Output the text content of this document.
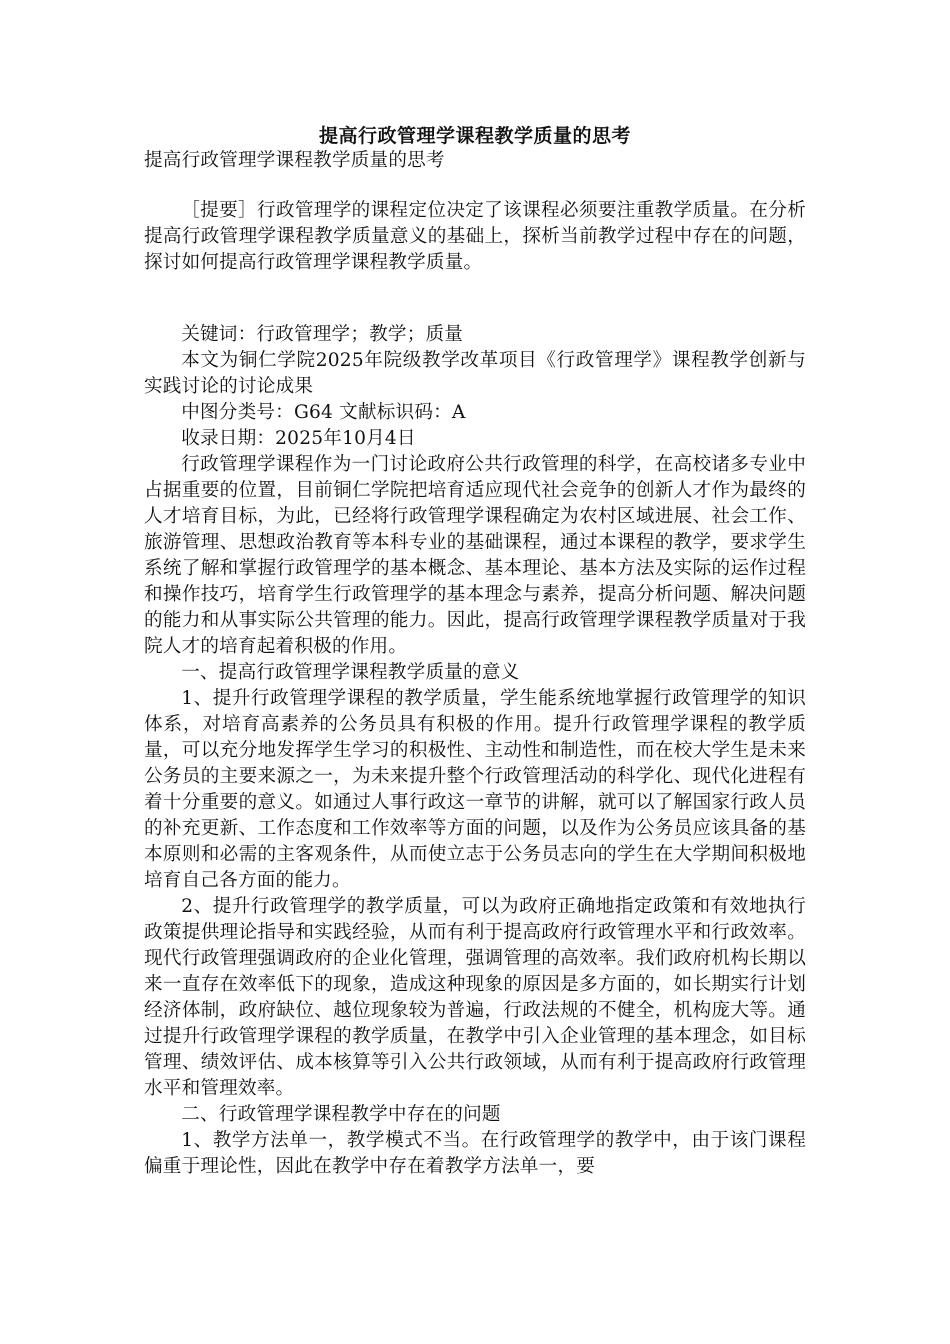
提高行政管理学课程教学质量的思考

提高行政管理学课程教学质量的思考

［提要］行政管理学的课程定位决定了该课程必须要注重教学质量。在分析提高行政管理学课程教学质量意义的基础上，探析当前教学过程中存在的问题，探讨如何提高行政管理学课程教学质量。

关键词：行政管理学；教学；质量

本文为铜仁学院2025年院级教学改革项目《行政管理学》课程教学创新与实践讨论的讨论成果

中图分类号：G64 文献标识码：A

收录日期：2025年10月4日

行政管理学课程作为一门讨论政府公共行政管理的科学，在高校诸多专业中占据重要的位置，目前铜仁学院把培育适应现代社会竞争的创新人才作为最终的人才培育目标，为此，已经将行政管理学课程确定为农村区域进展、社会工作、旅游管理、思想政治教育等本科专业的基础课程，通过本课程的教学，要求学生系统了解和掌握行政管理学的基本概念、基本理论、基本方法及实际的运作过程和操作技巧，培育学生行政管理学的基本理念与素养，提高分析问题、解决问题的能力和从事实际公共管理的能力。因此，提高行政管理学课程教学质量对于我院人才的培育起着积极的作用。

一、提高行政管理学课程教学质量的意义

1、提升行政管理学课程的教学质量，学生能系统地掌握行政管理学的知识体系，对培育高素养的公务员具有积极的作用。提升行政管理学课程的教学质量，可以充分地发挥学生学习的积极性、主动性和制造性，而在校大学生是未来公务员的主要来源之一，为未来提升整个行政管理活动的科学化、现代化进程有着十分重要的意义。如通过人事行政这一章节的讲解，就可以了解国家行政人员的补充更新、工作态度和工作效率等方面的问题，以及作为公务员应该具备的基本原则和必需的主客观条件，从而使立志于公务员志向的学生在大学期间积极地培育自己各方面的能力。

2、提升行政管理学的教学质量，可以为政府正确地指定政策和有效地执行政策提供理论指导和实践经验，从而有利于提高政府行政管理水平和行政效率。现代行政管理强调政府的企业化管理，强调管理的高效率。我们政府机构长期以来一直存在效率低下的现象，造成这种现象的原因是多方面的，如长期实行计划经济体制，政府缺位、越位现象较为普遍，行政法规的不健全，机构庞大等。通过提升行政管理学课程的教学质量，在教学中引入企业管理的基本理念，如目标管理、绩效评估、成本核算等引入公共行政领域，从而有利于提高政府行政管理水平和管理效率。

二、行政管理学课程教学中存在的问题

1、教学方法单一，教学模式不当。在行政管理学的教学中，由于该门课程偏重于理论性，因此在教学中存在着教学方法单一，要
